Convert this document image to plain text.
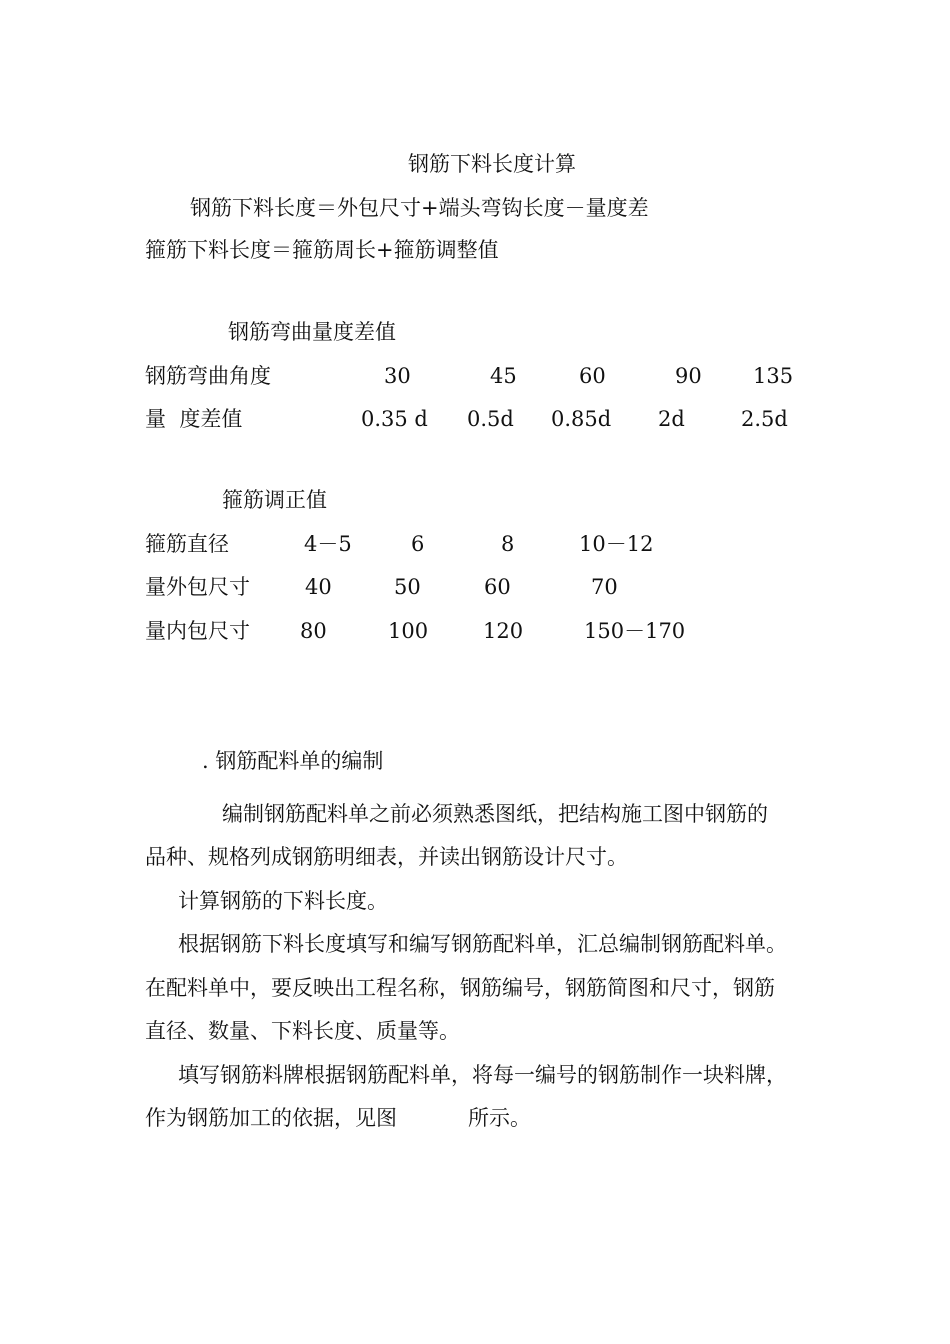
钢筋下料长度计算
钢筋下料长度＝外包尺寸+端头弯钩长度－量度差
箍筋下料长度＝箍筋周长+箍筋调整值
钢筋弯曲量度差值
钢筋弯曲角度	30	45	60	90 135
量  度差值	0.35 d 0.5d 0.85d 2d	2.5d
箍筋调正值
箍筋直径	4－5	6	8	10－12
量外包尺寸	40	50	60	70
量内包尺寸 80	100	120	150－170
. 钢筋配料单的编制
编制钢筋配料单之前必须熟悉图纸，把结构施工图中钢筋的
品种、规格列成钢筋明细表，并读出钢筋设计尺寸。
计算钢筋的下料长度。
根据钢筋下料长度填写和编写钢筋配料单，汇总编制钢筋配料单。
在配料单中，要反映出工程名称，钢筋编号，钢筋简图和尺寸，钢筋
直径、数量、下料长度、质量等。
填写钢筋料牌根据钢筋配料单，将每一编号的钢筋制作一块料牌，
作为钢筋加工的依据，见图	所示。
